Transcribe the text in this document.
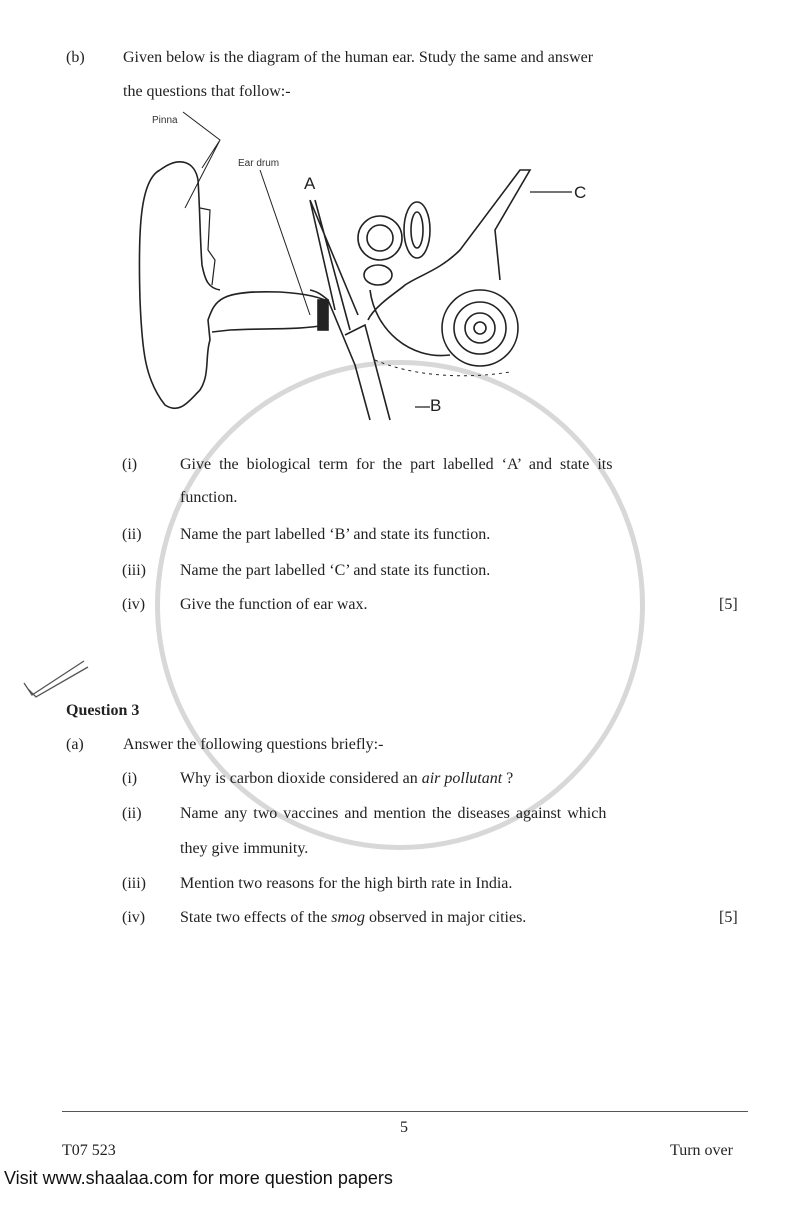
(b) Given below is the diagram of the human ear. Study the same and answer
the questions that follow:-
Pinna
Ear drum
A	C
B
(i)	Give the biological term for the part labelled ‘A’ and state its
function.
(ii) Name the part labelled ‘B’ and state its function.
(iii) Name the part labelled ‘C’ and state its function.
(iv) Give the function of ear wax.	[5]
Question 3
(a) Answer the following questions briefly:-
(i)	Why is carbon dioxide considered an air pollutant ?
(ii) Name any two vaccines and mention the diseases against which
they give immunity.
(iii) Mention two reasons for the high birth rate in India.
(iv) State two effects of the smog observed in major cities.	[5]
5
T07 523	Turn over
Visit www.shaalaa.com for more question papers
